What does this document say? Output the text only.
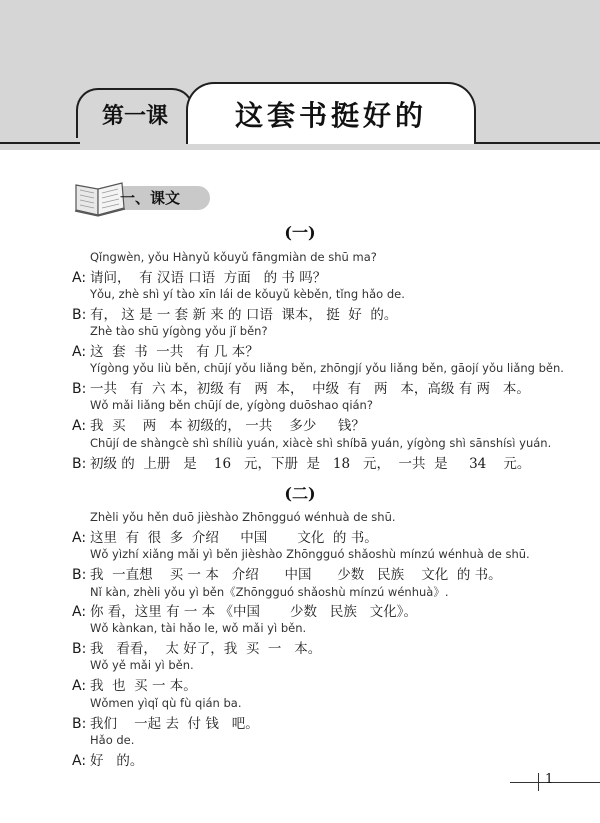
第一课 这套书挺好的
一、课文
(一)
Qǐngwèn, yǒu Hànyǔ kǒuyǔ fāngmiàn de shū ma?
A: 请问，  有 汉语 口语  方面   的 书 吗？
Yǒu, zhè shì yí tào xīn lái de kǒuyǔ kèběn, tǐng hǎo de.
B: 有， 这 是 一 套 新 来 的 口语  课本， 挺  好  的。
Zhè tào shū yígòng yǒu jǐ běn?
A: 这  套  书  一共   有 几 本？
Yígòng yǒu liù běn, chūjí yǒu liǎng běn, zhōngjí yǒu liǎng běn, gāojí yǒu liǎng běn.
B: 一共   有  六 本，初级 有   两  本，  中级  有   两   本，高级 有 两   本。
Wǒ mǎi liǎng běn chūjí de, yígòng duōshao qián?
A: 我  买    两   本 初级的， 一共    多少     钱？
Chūjí de shàngcè shì shíliù yuán, xiàcè shì shíbā yuán, yígòng shì sānshísì yuán.
B: 初级 的  上册   是    16   元，下册  是   18   元，  一共  是     34    元。
(二)
Zhèli yǒu hěn duō jièshào Zhōngguó wénhuà de shū.
A: 这里  有  很  多  介绍     中国       文化  的 书。
Wǒ yìzhí xiǎng mǎi yì běn jièshào Zhōngguó shǎoshù mínzú wénhuà de shū.
B: 我  一直想    买 一 本   介绍      中国      少数   民族    文化  的 书。
Nǐ kàn, zhèli yǒu yì běn《Zhōngguó shǎoshù mínzú wénhuà》.
A: 你 看，这里 有 一 本 《中国       少数   民族   文化》。
Wǒ kànkan, tài hǎo le, wǒ mǎi yì běn.
B: 我   看看，  太 好了，我  买  一   本。
Wǒ yě mǎi yì běn.
A: 我  也  买 一 本。
Wǒmen yìqǐ qù fù qián ba.
B: 我们    一起 去  付 钱   吧。
Hǎo de.
A: 好   的。
1
